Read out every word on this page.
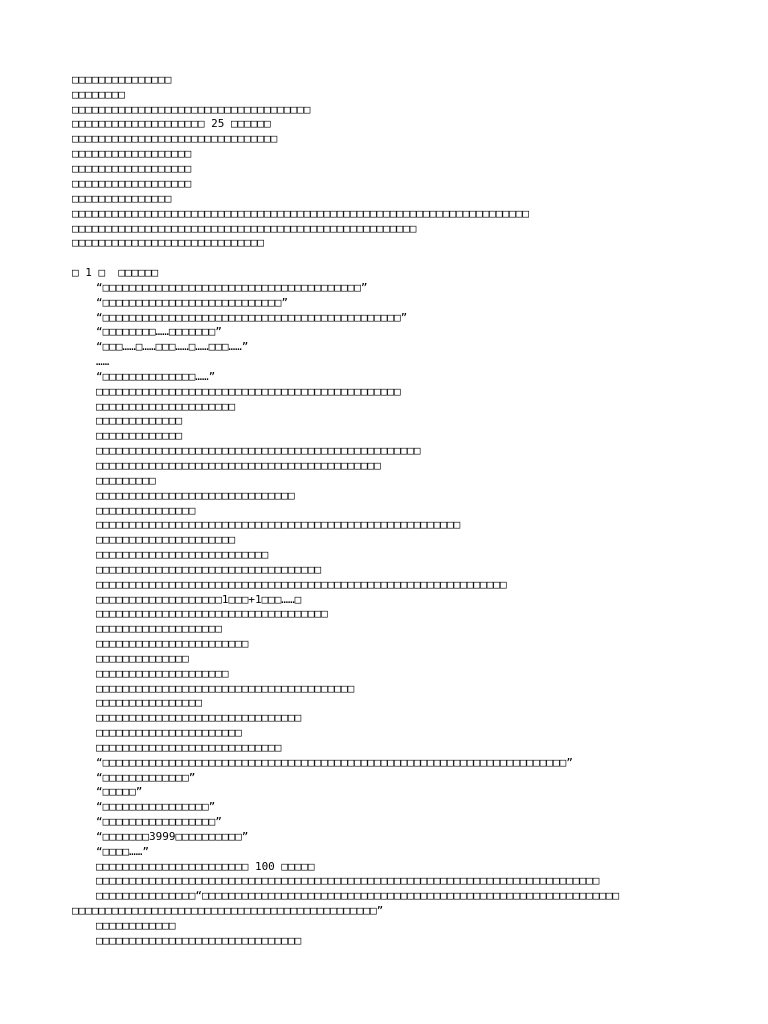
□□□□□□□□□□□□□□□
□□□□□□□□
□□□□□□□□□□□□□□□□□□□□□□□□□□□□□□□□□□□□
□□□□□□□□□□□□□□□□□□□□ 25 □□□□□□
□□□□□□□□□□□□□□□□□□□□□□□□□□□□□□□
□□□□□□□□□□□□□□□□□□
□□□□□□□□□□□□□□□□□□
□□□□□□□□□□□□□□□□□□
□□□□□□□□□□□□□□□
□□□□□□□□□□□□□□□□□□□□□□□□□□□□□□□□□□□□□□□□□□□□□□□□□□□□□□□□□□□□□□□□□□□□□
□□□□□□□□□□□□□□□□□□□□□□□□□□□□□□□□□□□□□□□□□□□□□□□□□□□□
□□□□□□□□□□□□□□□□□□□□□□□□□□□□□
□ 1 □  □□□□□□
“□□□□□□□□□□□□□□□□□□□□□□□□□□□□□□□□□□□□□□□”
“□□□□□□□□□□□□□□□□□□□□□□□□□□□”
“□□□□□□□□□□□□□□□□□□□□□□□□□□□□□□□□□□□□□□□□□□□□□”
“□□□□□□□□……□□□□□□□”
“□□□……□……□□□……□……□□□……”
……
“□□□□□□□□□□□□□□……”
□□□□□□□□□□□□□□□□□□□□□□□□□□□□□□□□□□□□□□□□□□□□□□
□□□□□□□□□□□□□□□□□□□□□
□□□□□□□□□□□□□
□□□□□□□□□□□□□
□□□□□□□□□□□□□□□□□□□□□□□□□□□□□□□□□□□□□□□□□□□□□□□□□
□□□□□□□□□□□□□□□□□□□□□□□□□□□□□□□□□□□□□□□□□□□
□□□□□□□□□
□□□□□□□□□□□□□□□□□□□□□□□□□□□□□□
□□□□□□□□□□□□□□□
□□□□□□□□□□□□□□□□□□□□□□□□□□□□□□□□□□□□□□□□□□□□□□□□□□□□□□□
□□□□□□□□□□□□□□□□□□□□□
□□□□□□□□□□□□□□□□□□□□□□□□□□
□□□□□□□□□□□□□□□□□□□□□□□□□□□□□□□□□□
□□□□□□□□□□□□□□□□□□□□□□□□□□□□□□□□□□□□□□□□□□□□□□□□□□□□□□□□□□□□□□
□□□□□□□□□□□□□□□□□□□1□□□+1□□□……□
□□□□□□□□□□□□□□□□□□□□□□□□□□□□□□□□□□□
□□□□□□□□□□□□□□□□□□□
□□□□□□□□□□□□□□□□□□□□□□□
□□□□□□□□□□□□□□
□□□□□□□□□□□□□□□□□□□□
□□□□□□□□□□□□□□□□□□□□□□□□□□□□□□□□□□□□□□□
□□□□□□□□□□□□□□□□
□□□□□□□□□□□□□□□□□□□□□□□□□□□□□□□
□□□□□□□□□□□□□□□□□□□□□□
□□□□□□□□□□□□□□□□□□□□□□□□□□□□
“□□□□□□□□□□□□□□□□□□□□□□□□□□□□□□□□□□□□□□□□□□□□□□□□□□□□□□□□□□□□□□□□□□□□□□”
“□□□□□□□□□□□□□”
“□□□□□”
“□□□□□□□□□□□□□□□□”
“□□□□□□□□□□□□□□□□□”
“□□□□□□□3999□□□□□□□□□□”
“□□□□……”
□□□□□□□□□□□□□□□□□□□□□□□ 100 □□□□□
□□□□□□□□□□□□□□□□□□□□□□□□□□□□□□□□□□□□□□□□□□□□□□□□□□□□□□□□□□□□□□□□□□□□□□□□□□□□
□□□□□□□□□□□□□□□“□□□□□□□□□□□□□□□□□□□□□□□□□□□□□□□□□□□□□□□□□□□□□□□□□□□□□□□□□□□□□□□
□□□□□□□□□□□□□□□□□□□□□□□□□□□□□□□□□□□□□□□□□□□□□□”
□□□□□□□□□□□□
□□□□□□□□□□□□□□□□□□□□□□□□□□□□□□□
